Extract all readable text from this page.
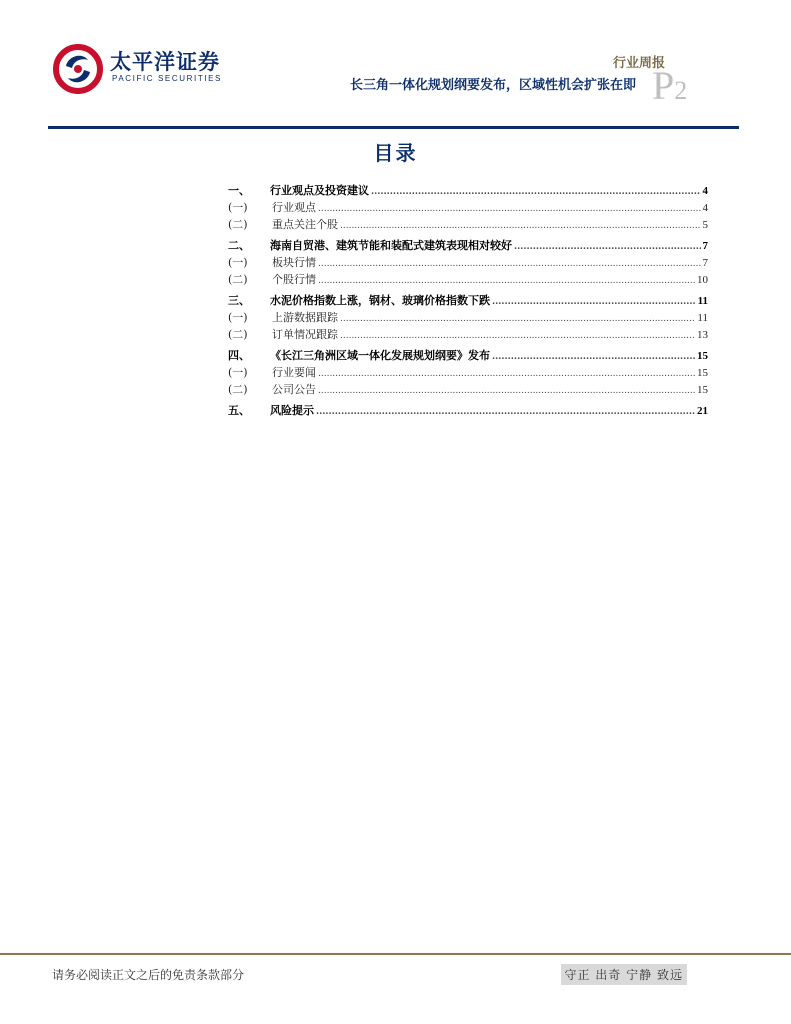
太平洋证券
PACIFIC SECURITIES
行业周报
长三角一体化规划纲要发布，区域性机会扩张在即 P2
目录
一、	行业观点及投资建议 .....	4
(一)	行业观点 .....	4
(二)	重点关注个股 .....	5
二、	海南自贸港、建筑节能和装配式建筑表现相对较好 .....	7
(一)	板块行情 .....	7
(二)	个股行情 .....	10
三、	水泥价格指数上涨，钢材、玻璃价格指数下跌 .....	11
(一)	上游数据跟踪 .....	11
(二)	订单情况跟踪 .....	13
四、	《长江三角洲区域一体化发展规划纲要》发布 .....	15
(一)	行业要闻 .....	15
(二)	公司公告 .....	15
五、	风险提示 .....	21
请务必阅读正文之后的免责条款部分	守正 出奇 宁静 致远
